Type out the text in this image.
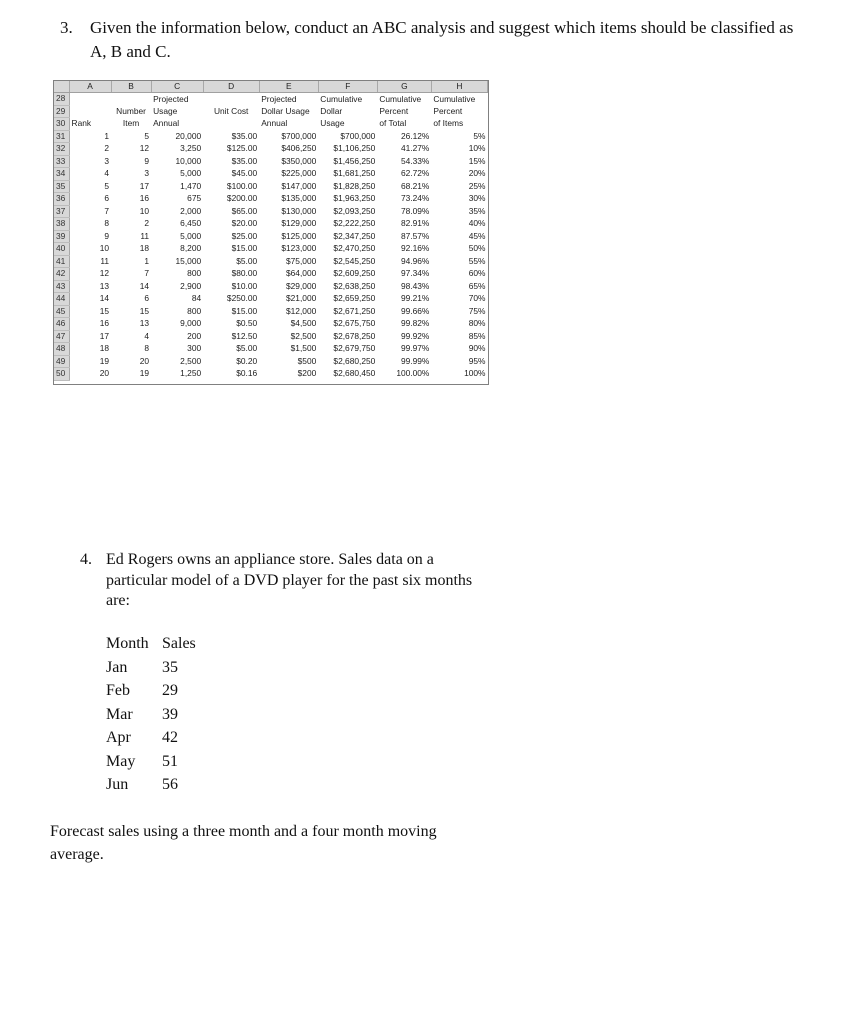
3. Given the information below, conduct an ABC analysis and suggest which items should be classified as A, B and C.
	A	B	C	D	E	F	G	H
28			Projected		Projected	Cumulative	Cumulative	Cumulative
29		Number	Usage	Unit Cost	Dollar Usage	Dollar	Percent	Percent
30	Rank	Item	Annual		Annual	Usage	of Total	of Items
31	1	5	20,000	$35.00	$700,000	$700,000	26.12%	5%
32	2	12	3,250	$125.00	$406,250	$1,106,250	41.27%	10%
33	3	9	10,000	$35.00	$350,000	$1,456,250	54.33%	15%
34	4	3	5,000	$45.00	$225,000	$1,681,250	62.72%	20%
35	5	17	1,470	$100.00	$147,000	$1,828,250	68.21%	25%
36	6	16	675	$200.00	$135,000	$1,963,250	73.24%	30%
37	7	10	2,000	$65.00	$130,000	$2,093,250	78.09%	35%
38	8	2	6,450	$20.00	$129,000	$2,222,250	82.91%	40%
39	9	11	5,000	$25.00	$125,000	$2,347,250	87.57%	45%
40	10	18	8,200	$15.00	$123,000	$2,470,250	92.16%	50%
41	11	1	15,000	$5.00	$75,000	$2,545,250	94.96%	55%
42	12	7	800	$80.00	$64,000	$2,609,250	97.34%	60%
43	13	14	2,900	$10.00	$29,000	$2,638,250	98.43%	65%
44	14	6	84	$250.00	$21,000	$2,659,250	99.21%	70%
45	15	15	800	$15.00	$12,000	$2,671,250	99.66%	75%
46	16	13	9,000	$0.50	$4,500	$2,675,750	99.82%	80%
47	17	4	200	$12.50	$2,500	$2,678,250	99.92%	85%
48	18	8	300	$5.00	$1,500	$2,679,750	99.97%	90%
49	19	20	2,500	$0.20	$500	$2,680,250	99.99%	95%
50	20	19	1,250	$0.16	$200	$2,680,450	100.00%	100%
4. Ed Rogers owns an appliance store. Sales data on a particular model of a DVD player for the past six months are:
Month Sales
Jan 35
Feb 29
Mar 39
Apr 42
May 51
Jun 56
Forecast sales using a three month and a four month moving average.
